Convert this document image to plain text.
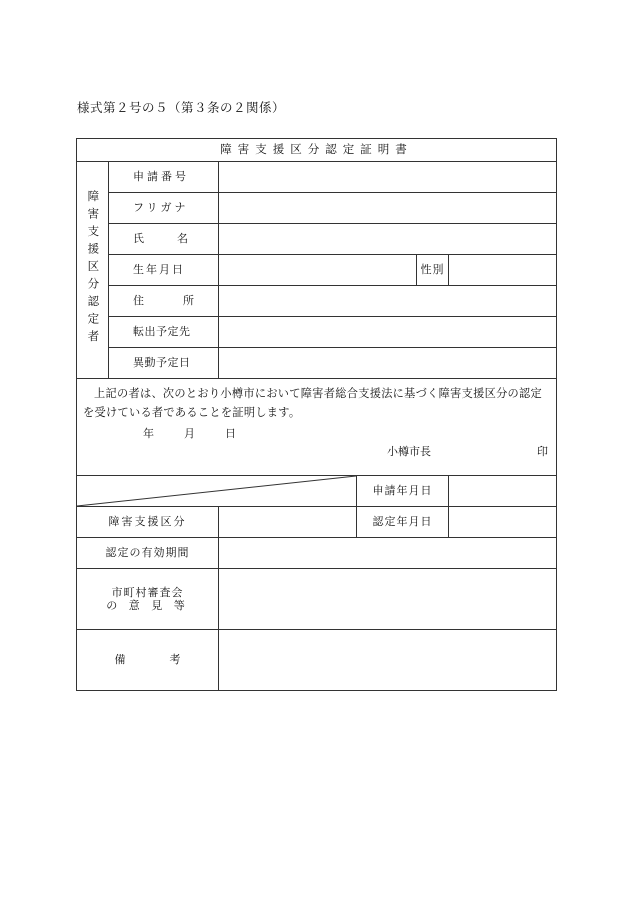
様式第２号の５（第３条の２関係）
障害支援区分認定証明書					
障害支援区分認定者	申請番号				
	フリガナ				
	氏 名				
	生年月日			性別	
	住 所				
	転出予定先				
	異動予定日				

上記の者は、次のとおり小樽市において障害者総合支援法に基づく障害支援区分の認定を受けている者であることを証明します。
年 月 日
小樽市長 印					

	申請年月日		
障害支援区分			認定年月日		
認定の有効期間					

市町村審査会
の 意 見 等					

備 考					
